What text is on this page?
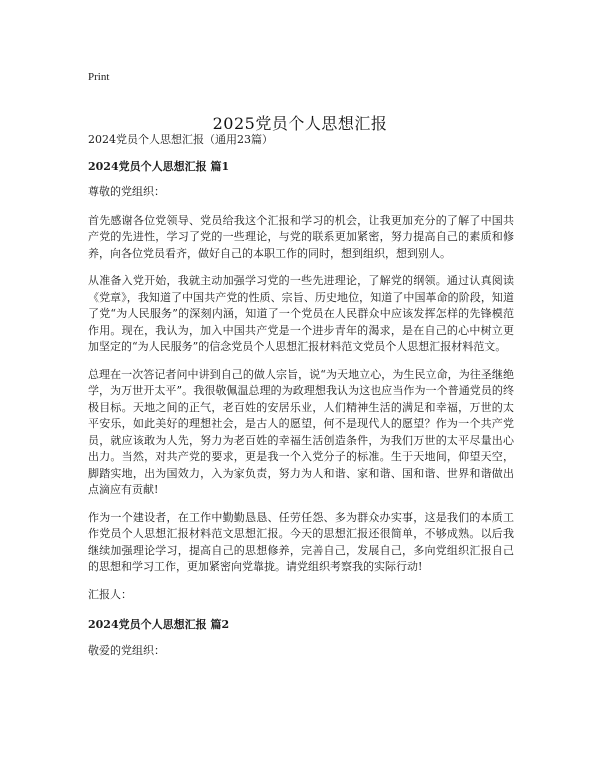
Print
2025党员个人思想汇报

2024党员个人思想汇报（通用23篇）

2024党员个人思想汇报 篇1

尊敬的党组织：

首先感谢各位党领导、党员给我这个汇报和学习的机会，让我更加充分的了解了中国共产党的先进性，学习了党的一些理论，与党的联系更加紧密，努力提高自己的素质和修养，向各位党员看齐，做好自己的本职工作的同时，想到组织，想到别人。

从准备入党开始，我就主动加强学习党的一些先进理论，了解党的纲领。通过认真阅读《党章》，我知道了中国共产党的性质、宗旨、历史地位，知道了中国革命的阶段，知道了党“为人民服务”的深刻内涵，知道了一个党员在人民群众中应该发挥怎样的先锋模范作用。现在，我认为，加入中国共产党是一个进步青年的渴求，是在自己的心中树立更加坚定的“为人民服务”的信念党员个人思想汇报材料范文党员个人思想汇报材料范文。

总理在一次答记者问中讲到自己的做人宗旨，说“为天地立心，为生民立命，为往圣继绝学，为万世开太平”。我很敬佩温总理的为政理想我认为这也应当作为一个普通党员的终极目标。天地之间的正气，老百姓的安居乐业，人们精神生活的满足和幸福，万世的太平安乐，如此美好的理想社会，是古人的愿望，何不是现代人的愿望？作为一个共产党员，就应该敢为人先，努力为老百姓的幸福生活创造条件，为我们万世的太平尽量出心出力。当然，对共产党的要求，更是我一个入党分子的标准。生于天地间，仰望天空，脚踏实地，出为国效力，入为家负责，努力为人和谐、家和谐、国和谐、世界和谐做出点滴应有贡献!

作为一个建设者，在工作中勤勤恳恳、任劳任怨、多为群众办实事，这是我们的本质工作党员个人思想汇报材料范文思想汇报。今天的思想汇报还很简单，不够成熟。以后我继续加强理论学习，提高自己的思想修养，完善自己，发展自己，多向党组织汇报自己的思想和学习工作，更加紧密向党靠拢。请党组织考察我的实际行动!

汇报人：

2024党员个人思想汇报 篇2

敬爱的党组织：
